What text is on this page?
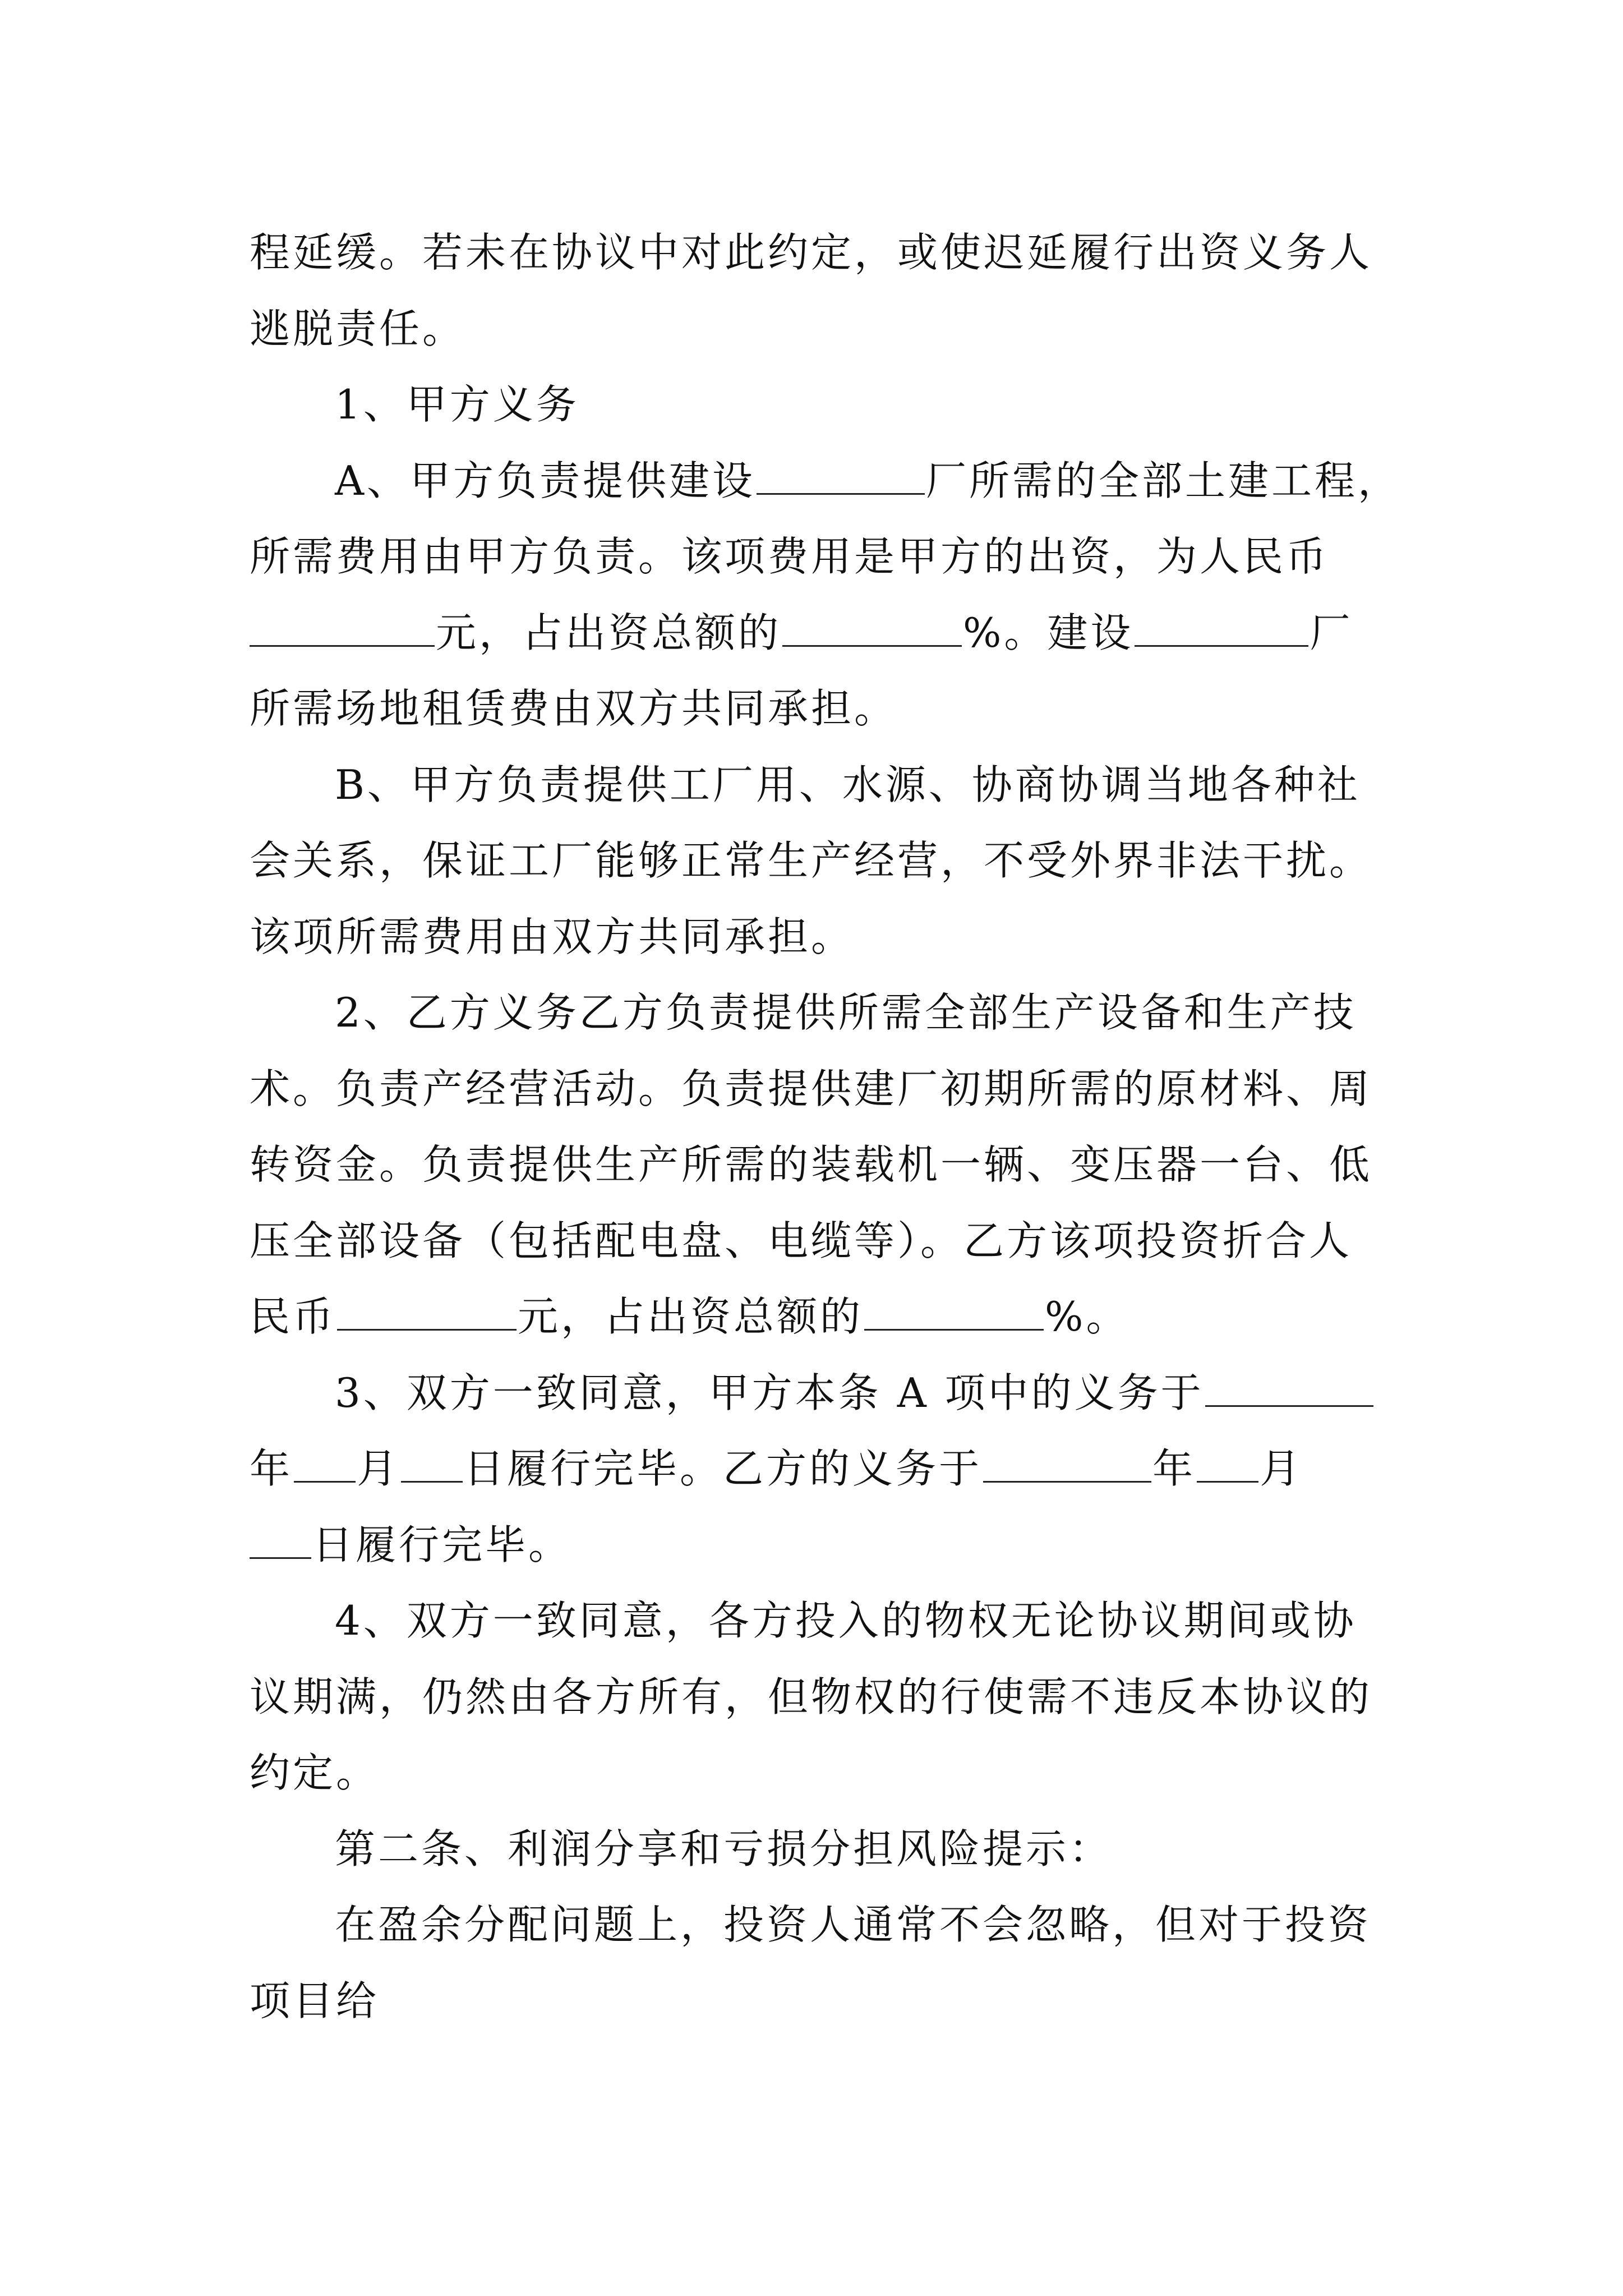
程延缓。若未在协议中对此约定，或使迟延履行出资义务人
逃脱责任。
1、甲方义务
A、甲方负责提供建设	厂所需的全部土建工程，
所需费用由甲方负责。该项费用是甲方的出资，为人民币
元，占出资总额的	%。建设	厂
所需场地租赁费由双方共同承担。
B、甲方负责提供工厂用、水源、协商协调当地各种社
会关系，保证工厂能够正常生产经营，不受外界非法干扰。
该项所需费用由双方共同承担。
2、乙方义务乙方负责提供所需全部生产设备和生产技
术。负责产经营活动。负责提供建厂初期所需的原材料、周
转资金。负责提供生产所需的装载机一辆、变压器一台、低
压全部设备（包括配电盘、电缆等）。乙方该项投资折合人
民币	元，占出资总额的	%。
3、双方一致同意，甲方本条 A 项中的义务于
年 月 日履行完毕。乙方的义务于	年 月
日履行完毕。
4、双方一致同意，各方投入的物权无论协议期间或协
议期满，仍然由各方所有，但物权的行使需不违反本协议的
约定。
第二条、利润分享和亏损分担风险提示：
在盈余分配问题上，投资人通常不会忽略，但对于投资
项目给
